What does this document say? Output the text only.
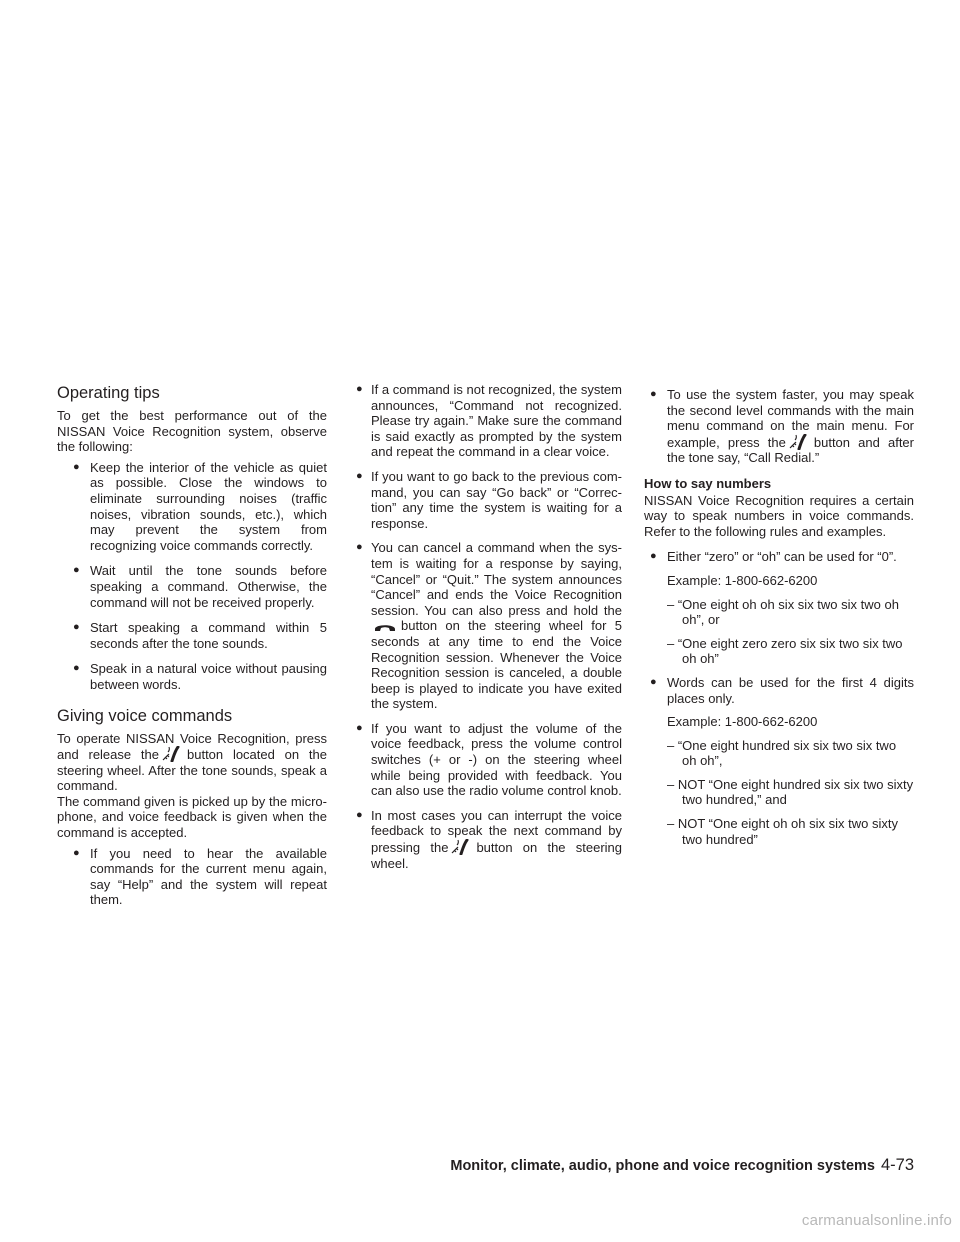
Operating tips

To get the best performance out of the NISSAN Voice Recognition system, observe the following:

● Keep the interior of the vehicle as quiet as possible. Close the windows to eliminate surrounding noises (traffic noises, vibration sounds, etc.), which may prevent the system from recognizing voice commands correctly.
● Wait until the tone sounds before speaking a command. Otherwise, the command will not be received properly.
● Start speaking a command within 5 seconds after the tone sounds.
● Speak in a natural voice without pausing between words.
Giving voice commands

To operate NISSAN Voice Recognition, press and release the button located on the steering wheel. After the tone sounds, speak a command.

The command given is picked up by the micro-phone, and voice feedback is given when the command is accepted.

● If you need to hear the available commands for the current menu again, say “Help” and the system will repeat them.
● If a command is not recognized, the system announces, “Command not recognized. Please try again.” Make sure the command is said exactly as prompted by the system and repeat the command in a clear voice.
● If you want to go back to the previous com-mand, you can say “Go back” or “Correc-tion” any time the system is waiting for a response.
● You can cancel a command when the sys-tem is waiting for a response by saying, “Cancel” or “Quit.” The system announces “Cancel” and ends the Voice Recognition session. You can also press and hold the
button on the steering wheel for 5 seconds at any time to end the Voice Recognition session. Whenever the Voice Recognition session is canceled, a double beep is played to indicate you have exited the system.
● If you want to adjust the volume of the voice feedback, press the volume control switches (+ or -) on the steering wheel while being provided with feedback. You can also use the radio volume control knob.
● In most cases you can interrupt the voice feedback to speak the next command by pressing the button on the steering wheel.
● To use the system faster, you may speak the second level commands with the main menu command on the main menu. For example, press the button and after the tone say, “Call Redial.”
How to say numbers

NISSAN Voice Recognition requires a certain way to speak numbers in voice commands. Refer to the following rules and examples.

● Either “zero” or “oh” can be used for “0”.
Example: 1-800-662-6200
– “One eight oh oh six six two six two oh oh”, or
– “One eight zero zero six six two six two oh oh”
● Words can be used for the first 4 digits places only.
Example: 1-800-662-6200
– “One eight hundred six six two six two oh oh”,
– NOT “One eight hundred six six two sixty two hundred,” and
– NOT “One eight oh oh six six two sixty two hundred”
Monitor, climate, audio, phone and voice recognition systems 4-73
carmanualsonline.info
